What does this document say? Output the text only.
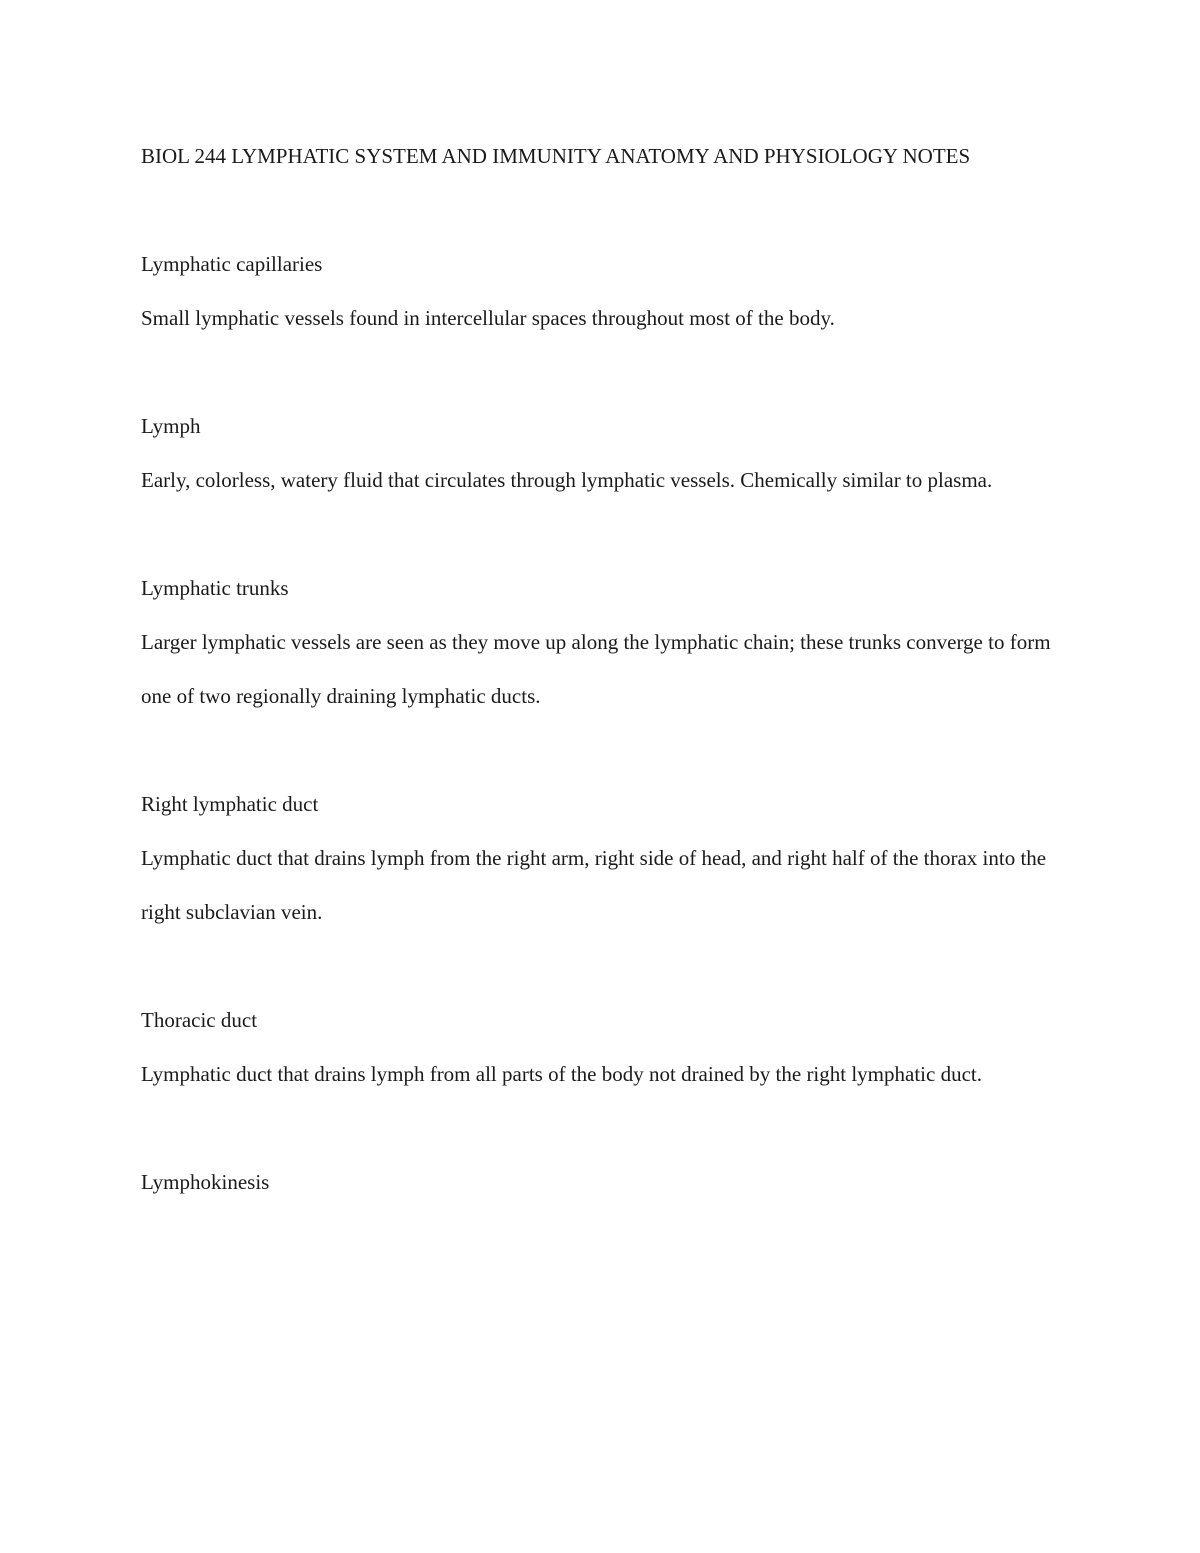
BIOL 244 LYMPHATIC SYSTEM AND IMMUNITY ANATOMY AND PHYSIOLOGY NOTES

Lymphatic capillaries

Small lymphatic vessels found in intercellular spaces throughout most of the body.

Lymph

Early, colorless, watery fluid that circulates through lymphatic vessels. Chemically similar to plasma.

Lymphatic trunks

Larger lymphatic vessels are seen as they move up along the lymphatic chain; these trunks converge to form one of two regionally draining lymphatic ducts.

Right lymphatic duct

Lymphatic duct that drains lymph from the right arm, right side of head, and right half of the thorax into the right subclavian vein.

Thoracic duct

Lymphatic duct that drains lymph from all parts of the body not drained by the right lymphatic duct.

Lymphokinesis
